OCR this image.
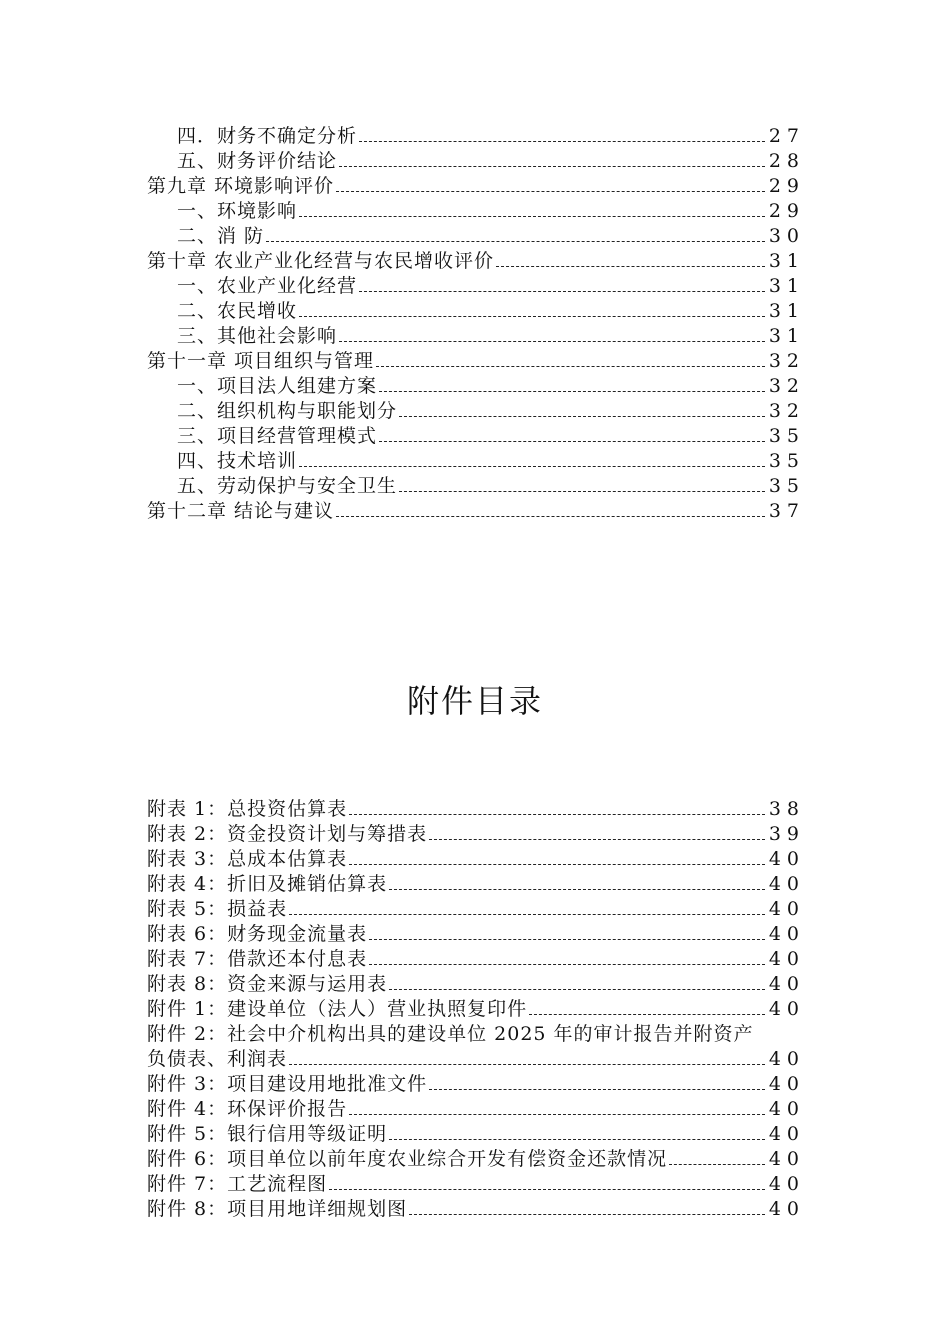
四．财务不确定分析	27
五、财务评价结论	28
第九章 环境影响评价	29
一、环境影响	29
二、消 防	30
第十章 农业产业化经营与农民增收评价	31
一、农业产业化经营	31
二、农民增收	31
三、其他社会影响	31
第十一章 项目组织与管理	32
一、项目法人组建方案	32
二、组织机构与职能划分	32
三、项目经营管理模式	35
四、技术培训	35
五、劳动保护与安全卫生	35
第十二章 结论与建议	37
附件目录
附表 1：总投资估算表	38
附表 2：资金投资计划与筹措表	39
附表 3：总成本估算表	40
附表 4：折旧及摊销估算表	40
附表 5：损益表	40
附表 6：财务现金流量表	40
附表 7：借款还本付息表	40
附表 8：资金来源与运用表	40
附件 1：建设单位（法人）营业执照复印件	40
附件 2：社会中介机构出具的建设单位 2025 年的审计报告并附资产
负债表、利润表	40
附件 3：项目建设用地批准文件	40
附件 4：环保评价报告	40
附件 5：银行信用等级证明	40
附件 6：项目单位以前年度农业综合开发有偿资金还款情况	40
附件 7：工艺流程图	40
附件 8：项目用地详细规划图	40
